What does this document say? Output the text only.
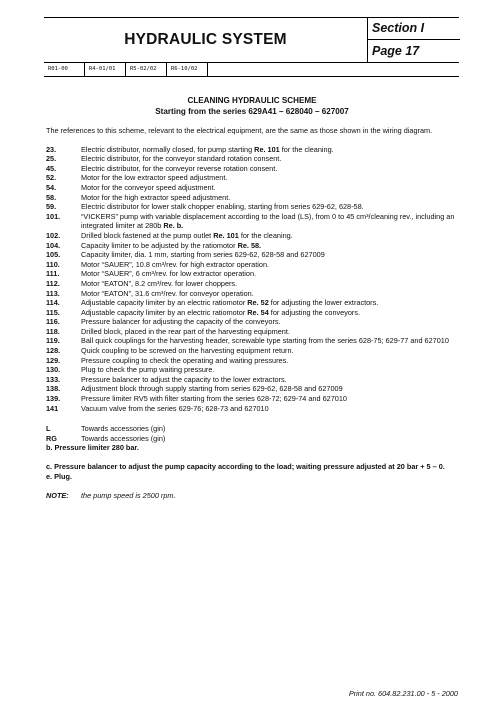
HYDRAULIC SYSTEM
Section I
Page 17
R01-00	R4-01/01	R5-02/02	R6-10/02
CLEANING HYDRAULIC SCHEME
Starting from the series 629A41 – 628040 – 627007
The references to this scheme, relevant to the electrical equipment, are the same as those shown in the wiring diagram.
23.	Electric distributor, normally closed, for pump starting Re. 101 for the cleaning.
25.	Electric distributor, for the conveyor standard rotation consent.
45.	Electric distributor, for the conveyor reverse rotation consent.
52.	Motor for the low extractor speed adjustment.
54.	Motor for the conveyor speed adjustment.
58.	Motor for the high extractor speed adjustment.
59.	Electric distributor for lower stalk chopper enabling, starting from series 629-62, 628-58.
101.	“VICKERS” pump with variable displacement according to the load (LS), from 0 to 45 cm³/cleaning rev., including an integrated limiter at 280b Re. b.
102.	Drilled block fastened at the pump outlet Re. 101 for the cleaning.
104.	Capacity limiter to be adjusted by the ratiomotor Re. 58.
105.	Capacity limiter, dia. 1 mm, starting from series 629-62, 628-58 and 627009
110.	Motor “SAUER”, 10.8 cm³/rev. for high extractor operation.
111.	Motor “SAUER”, 6 cm³/rev. for low extractor operation.
112.	Motor “EATON”, 8.2 cm³/rev. for lower choppers.
113.	Motor “EATON”, 31.6 cm³/rev. for conveyor operation.
114.	Adjustable capacity limiter by an electric ratiomotor Re. 52 for adjusting the lower extractors.
115.	Adjustable capacity limiter by an electric ratiomotor Re. 54 for adjusting the conveyors.
116.	Pressure balancer for adjusting the capacity of the conveyors.
118.	Drilled block, placed in the rear part of the harvesting equipment.
119.	Ball quick couplings for the harvesting header, screwable type starting from the series 628-75; 629-77 and 627010
128.	Quick coupling to be screwed on the harvesting equipment return.
129.	Pressure coupling to check the operating and waiting pressures.
130.	Plug to check the pump waiting pressure.
133.	Pressure balancer to adjust the capacity to the lower extractors.
138.	Adjustment block through supply starting from series 629-62, 628-58 and 627009
139.	Pressure limiter RV5 with filter starting from the series 628-72; 629-74 and 627010
141	Vacuum valve from the series 629-76; 628-73 and 627010
L	Towards accessories (gin)
RG	Towards accessories (gin)
b. Pressure limiter 280 bar.
c. Pressure balancer to adjust the pump capacity according to the load; waiting pressure adjusted at 20 bar + 5 – 0.
e. Plug.
NOTE:	the pump speed is 2500 rpm.
Print no. 604.82.231.00 - 5 - 2000
